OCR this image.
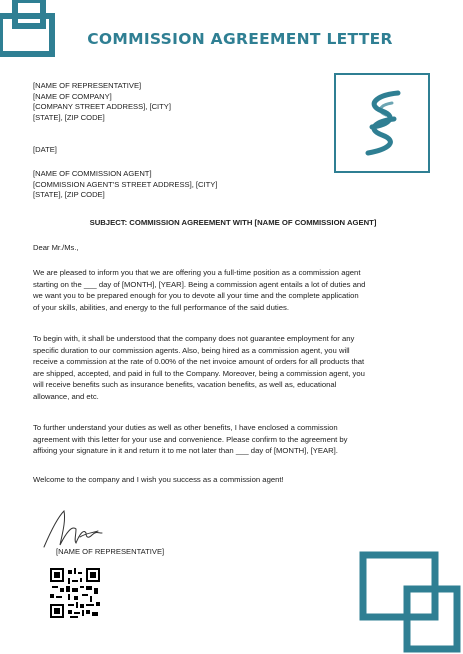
COMMISSION AGREEMENT LETTER
[NAME OF REPRESENTATIVE]
[NAME OF COMPANY]
[COMPANY STREET ADDRESS], [CITY]
[STATE], [ZIP CODE]
[DATE]
[NAME OF COMMISSION AGENT]
[COMMISSION AGENT'S STREET ADDRESS], [CITY]
[STATE], [ZIP CODE]
SUBJECT: COMMISSION AGREEMENT WITH [NAME OF COMMISSION AGENT]
Dear Mr./Ms.,
We are pleased to inform you that we are offering you a full-time position as a commission agent
starting on the ___ day of [MONTH], [YEAR]. Being a commission agent entails a lot of duties and
we want you to be prepared enough for you to devote all your time and the complete application
of your skills, abilities, and energy to the full performance of the said duties.
To begin with, it shall be understood that the company does not guarantee employment for any
specific duration to our commission agents. Also, being hired as a commission agent, you will
receive a commission at the rate of 0.00% of the net invoice amount of orders for all products that
are shipped, accepted, and paid in full to the Company. Moreover, being a commission agent, you
will receive benefits such as insurance benefits, vacation benefits, as well as, educational
allowance, and etc.
To further understand your duties as well as other benefits, I have enclosed a commission
agreement with this letter for your use and convenience. Please confirm to the agreement by
affixing your signature in it and return it to me not later than ___ day of [MONTH], [YEAR].
Welcome to the company and I wish you success as a commission agent!
[NAME OF REPRESENTATIVE]
